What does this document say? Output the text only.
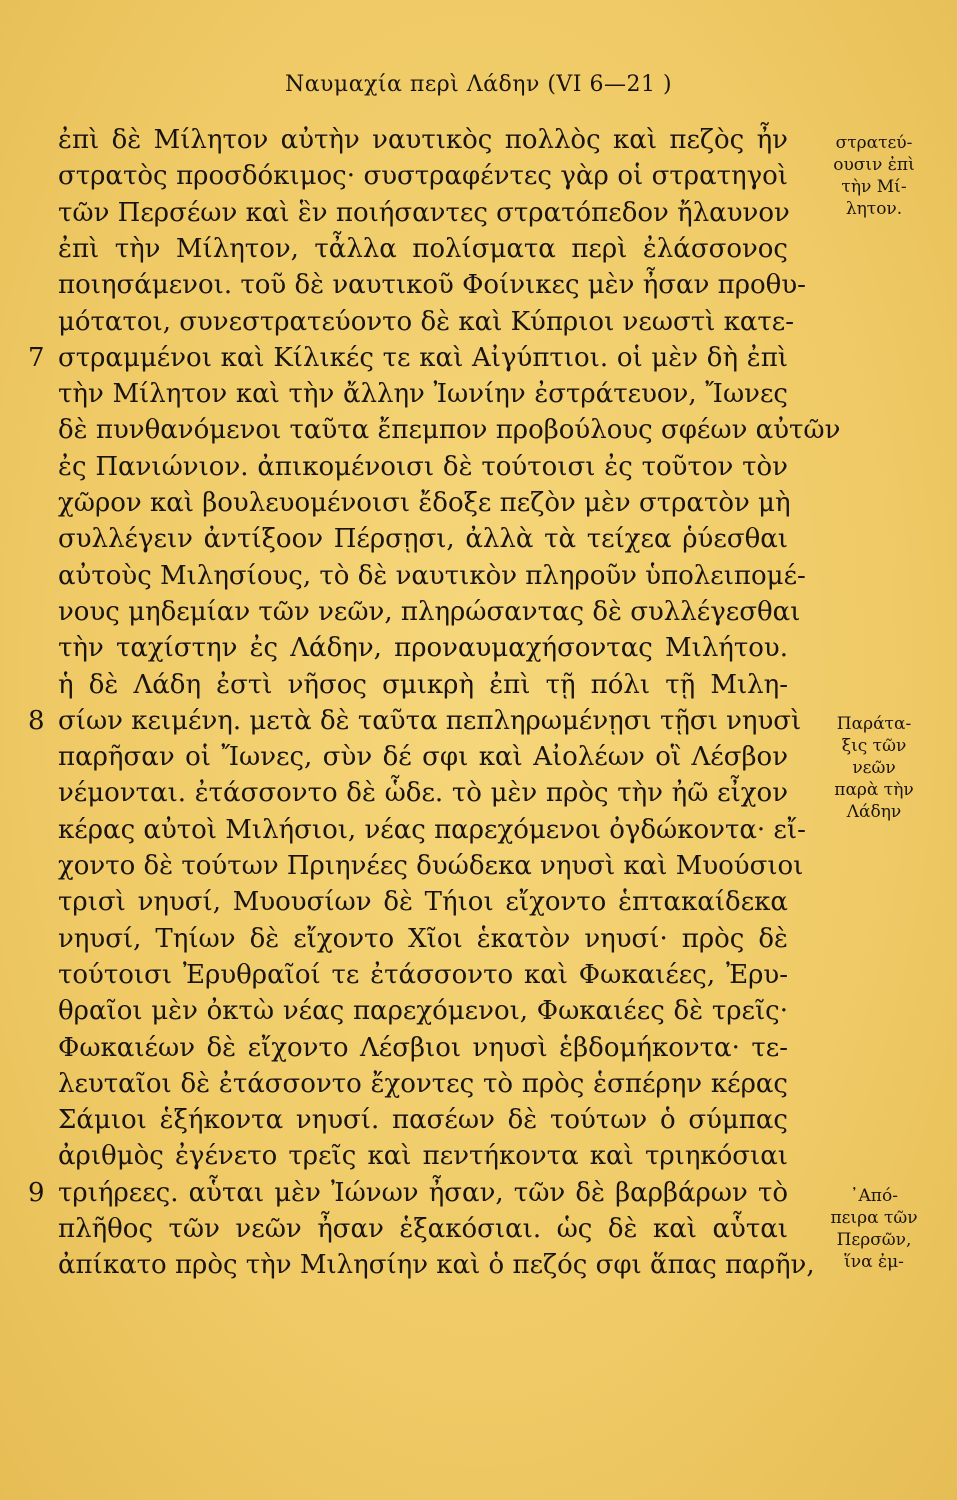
Ναυμαχία περὶ Λάδην (VI 6—21 )
ἐπὶ δὲ Μίλητον αὐτὴν ναυτικὸς πολλὸς καὶ πεζὸς ἦν
στρατὸς προσδόκιμος· συστραφέντες γὰρ οἱ στρατηγοὶ
τῶν Περσέων καὶ ἓν ποιήσαντες στρατόπεδον ἤλαυνον
ἐπὶ τὴν Μίλητον, τἆλλα πολίσματα περὶ ἐλάσσονος
ποιησάμενοι. τοῦ δὲ ναυτικοῦ Φοίνικες μὲν ἦσαν προθυ-
μότατοι, συνεστρατεύοντο δὲ καὶ Κύπριοι νεωστὶ κατε-
στραμμένοι καὶ Κίλικές τε καὶ Αἰγύπτιοι. οἱ μὲν δὴ ἐπὶ
τὴν Μίλητον καὶ τὴν ἄλλην Ἰωνίην ἐστράτευον, Ἴωνες
δὲ πυνθανόμενοι ταῦτα ἔπεμπον προβούλους σφέων αὐτῶν
ἐς Πανιώνιον. ἀπικομένοισι δὲ τούτοισι ἐς τοῦτον τὸν
χῶρον καὶ βουλευομένοισι ἔδοξε πεζὸν μὲν στρατὸν μὴ
συλλέγειν ἀντίξοον Πέρσῃσι, ἀλλὰ τὰ τείχεα ῥύεσθαι
αὐτοὺς Μιλησίους, τὸ δὲ ναυτικὸν πληροῦν ὑπολειπομέ-
νους μηδεμίαν τῶν νεῶν, πληρώσαντας δὲ συλλέγεσθαι
τὴν ταχίστην ἐς Λάδην, προναυμαχήσοντας Μιλήτου.
ἡ δὲ Λάδη ἐστὶ νῆσος σμικρὴ ἐπὶ τῇ πόλι τῇ Μιλη-
σίων κειμένη. μετὰ δὲ ταῦτα πεπληρωμένῃσι τῇσι νηυσὶ
παρῆσαν οἱ Ἴωνες, σὺν δέ σφι καὶ Αἰολέων οἳ Λέσβον
νέμονται. ἐτάσσοντο δὲ ὧδε. τὸ μὲν πρὸς τὴν ἠῶ εἶχον
κέρας αὐτοὶ Μιλήσιοι, νέας παρεχόμενοι ὀγδώκοντα· εἴ-
χοντο δὲ τούτων Πριηνέες δυώδεκα νηυσὶ καὶ Μυούσιοι
τρισὶ νηυσί, Μυουσίων δὲ Τήιοι εἴχοντο ἑπτακαίδεκα
νηυσί, Τηίων δὲ εἴχοντο Χῖοι ἑκατὸν νηυσί· πρὸς δὲ
τούτοισι Ἐρυθραῖοί τε ἐτάσσοντο καὶ Φωκαιέες, Ἐρυ-
θραῖοι μὲν ὀκτὼ νέας παρεχόμενοι, Φωκαιέες δὲ τρεῖς·
Φωκαιέων δὲ εἴχοντο Λέσβιοι νηυσὶ ἑβδομήκοντα· τε-
λευταῖοι δὲ ἐτάσσοντο ἔχοντες τὸ πρὸς ἑσπέρην κέρας
Σάμιοι ἑξήκοντα νηυσί. πασέων δὲ τούτων ὁ σύμπας
ἀριθμὸς ἐγένετο τρεῖς καὶ πεντήκοντα καὶ τριηκόσιαι
τριήρεες. αὗται μὲν Ἰώνων ἦσαν, τῶν δὲ βαρβάρων τὸ
πλῆθος τῶν νεῶν ἦσαν ἑξακόσιαι. ὡς δὲ καὶ αὗται
ἀπίκατο πρὸς τὴν Μιλησίην καὶ ὁ πεζός σφι ἅπας παρῆν,
7
8
9
στρατεύ-
ουσιν ἐπὶ
τὴν Μί-
λητον.
Παράτα-
ξις τῶν
νεῶν
παρὰ τὴν
Λάδην
᾿Από-
πειρα τῶν
Περσῶν,
ἵνα ἐμ-
